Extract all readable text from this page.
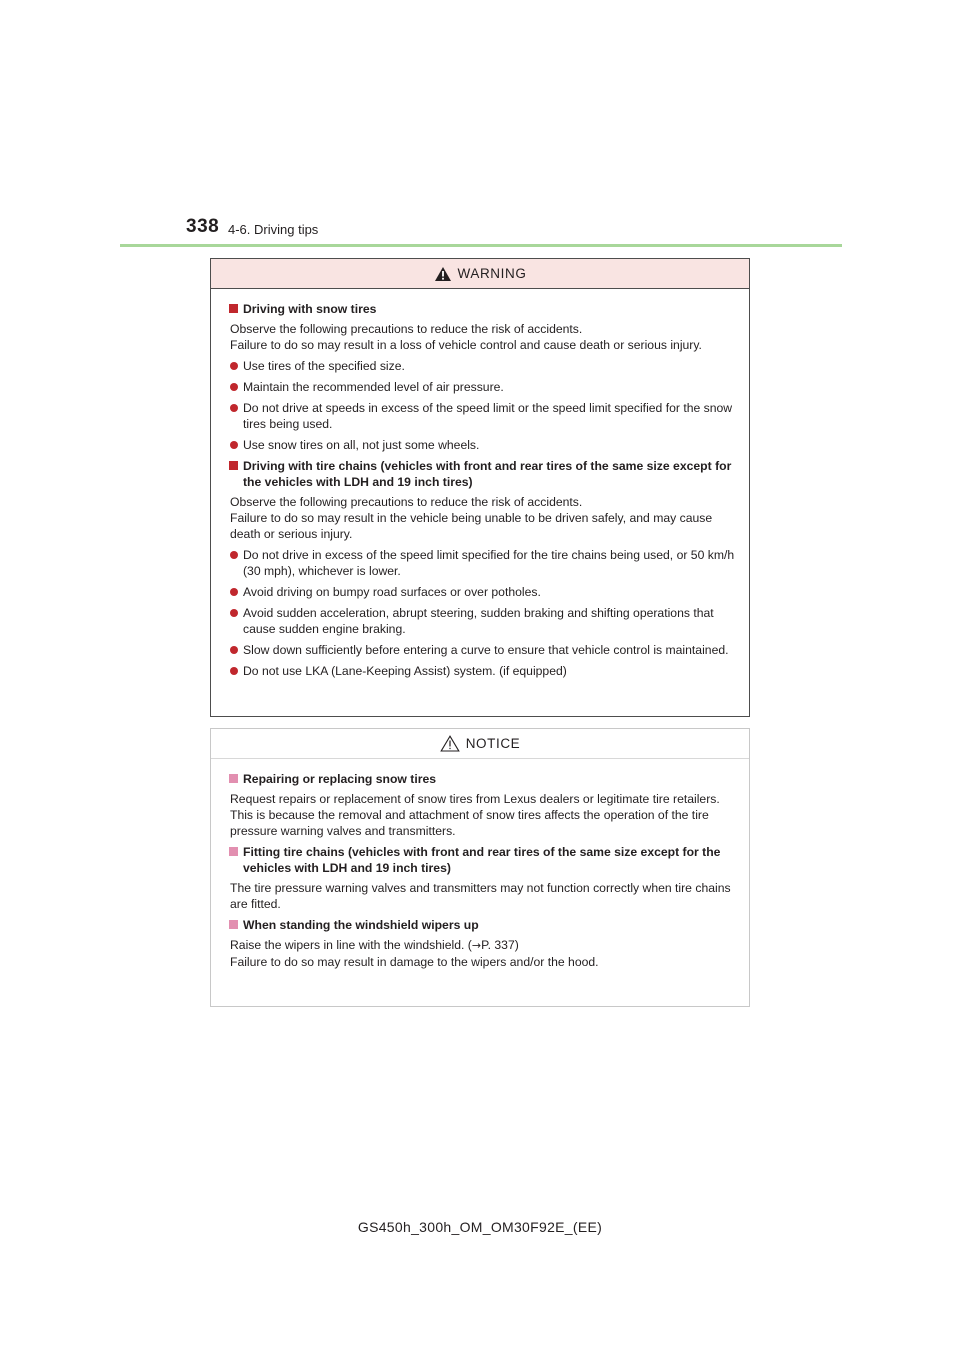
338 4-6. Driving tips
WARNING
Driving with snow tires
Observe the following precautions to reduce the risk of accidents.
Failure to do so may result in a loss of vehicle control and cause death or serious injury.
Use tires of the specified size.
Maintain the recommended level of air pressure.
Do not drive at speeds in excess of the speed limit or the speed limit specified for the snow tires being used.
Use snow tires on all, not just some wheels.
Driving with tire chains (vehicles with front and rear tires of the same size except for the vehicles with LDH and 19 inch tires)
Observe the following precautions to reduce the risk of accidents.
Failure to do so may result in the vehicle being unable to be driven safely, and may cause death or serious injury.
Do not drive in excess of the speed limit specified for the tire chains being used, or 50 km/h (30 mph), whichever is lower.
Avoid driving on bumpy road surfaces or over potholes.
Avoid sudden acceleration, abrupt steering, sudden braking and shifting operations that cause sudden engine braking.
Slow down sufficiently before entering a curve to ensure that vehicle control is maintained.
Do not use LKA (Lane-Keeping Assist) system. (if equipped)
NOTICE
Repairing or replacing snow tires
Request repairs or replacement of snow tires from Lexus dealers or legitimate tire retailers.
This is because the removal and attachment of snow tires affects the operation of the tire pressure warning valves and transmitters.
Fitting tire chains (vehicles with front and rear tires of the same size except for the vehicles with LDH and 19 inch tires)
The tire pressure warning valves and transmitters may not function correctly when tire chains are fitted.
When standing the windshield wipers up
Raise the wipers in line with the windshield. (→P. 337)
Failure to do so may result in damage to the wipers and/or the hood.
GS450h_300h_OM_OM30F92E_(EE)
